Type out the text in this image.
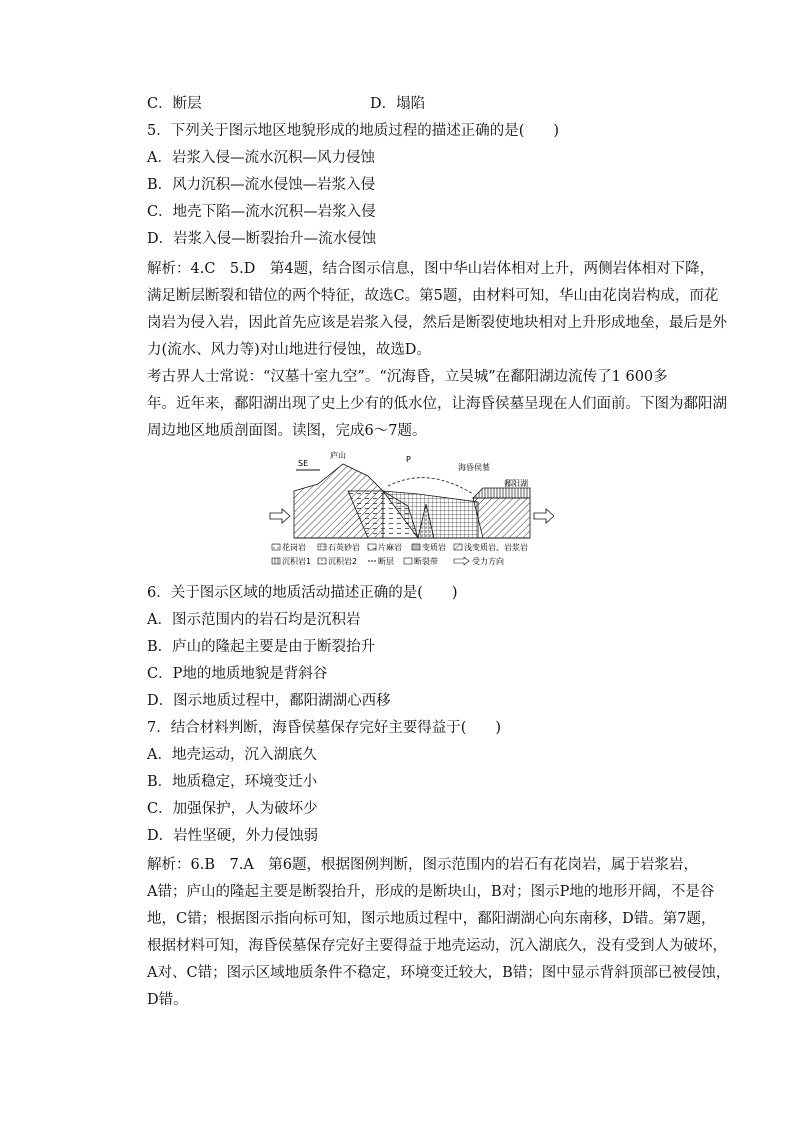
C．断层	D．塌陷
5．下列关于图示地区地貌形成的地质过程的描述正确的是(　　)
A．岩浆入侵—流水沉积—风力侵蚀
B．风力沉积—流水侵蚀—岩浆入侵
C．地壳下陷—流水沉积—岩浆入侵
D．岩浆入侵—断裂抬升—流水侵蚀
解析：4.C　5.D　第4题，结合图示信息，图中华山岩体相对上升，两侧岩体相对下降，
满足断层断裂和错位的两个特征，故选C。第5题，由材料可知，华山由花岗岩构成，而花
岗岩为侵入岩，因此首先应该是岩浆入侵，然后是断裂使地块相对上升形成地垒，最后是外
力(流水、风力等)对山地进行侵蚀，故选D。
考古界人士常说：“汉墓十室九空”。“沉海昏，立吴城”在鄱阳湖边流传了1 600多
年。近年来，鄱阳湖出现了史上少有的低水位，让海昏侯墓呈现在人们面前。下图为鄱阳湖
周边地区地质剖面图。读图，完成6～7题。
SE
庐山	P
海昏侯墓
鄱阳湖
花岗岩	石英砂岩 片麻岩	变质岩 浅变质岩、岩浆岩
沉积岩1 沉积岩2	断层	断裂带	受力方向
6．关于图示区域的地质活动描述正确的是(　　)
A．图示范围内的岩石均是沉积岩
B．庐山的隆起主要是由于断裂抬升
C．P地的地质地貌是背斜谷
D．图示地质过程中，鄱阳湖湖心西移
7．结合材料判断，海昏侯墓保存完好主要得益于(　　)
A．地壳运动，沉入湖底久
B．地质稳定，环境变迁小
C．加强保护，人为破坏少
D．岩性坚硬，外力侵蚀弱
解析：6.B　7.A　第6题，根据图例判断，图示范围内的岩石有花岗岩，属于岩浆岩，
A错；庐山的隆起主要是断裂抬升，形成的是断块山，B对；图示P地的地形开阔，不是谷
地，C错；根据图示指向标可知，图示地质过程中，鄱阳湖湖心向东南移，D错。第7题，
根据材料可知，海昏侯墓保存完好主要得益于地壳运动，沉入湖底久，没有受到人为破坏，
A对、C错；图示区域地质条件不稳定，环境变迁较大，B错；图中显示背斜顶部已被侵蚀，
D错。
